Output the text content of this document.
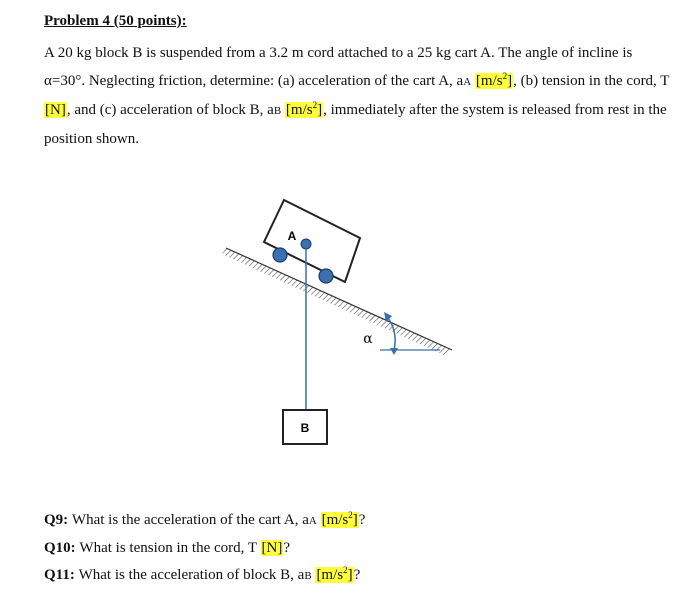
Problem 4 (50 points):
A 20 kg block B is suspended from a 3.2 m cord attached to a 25 kg cart A. The angle of incline is α=30°. Neglecting friction, determine: (a) acceleration of the cart A, aA $[m/s^2]$, (b) tension in the cord, T [N], and (c) acceleration of block B, aB $[m/s^2]$, immediately after the system is released from rest in the position shown.
A
B
α
Q9: What is the acceleration of the cart A, aA $[m/s^2]$?
Q10: What is tension in the cord, T [N]?
Q11: What is the acceleration of block B, aB $[m/s^2]$?
